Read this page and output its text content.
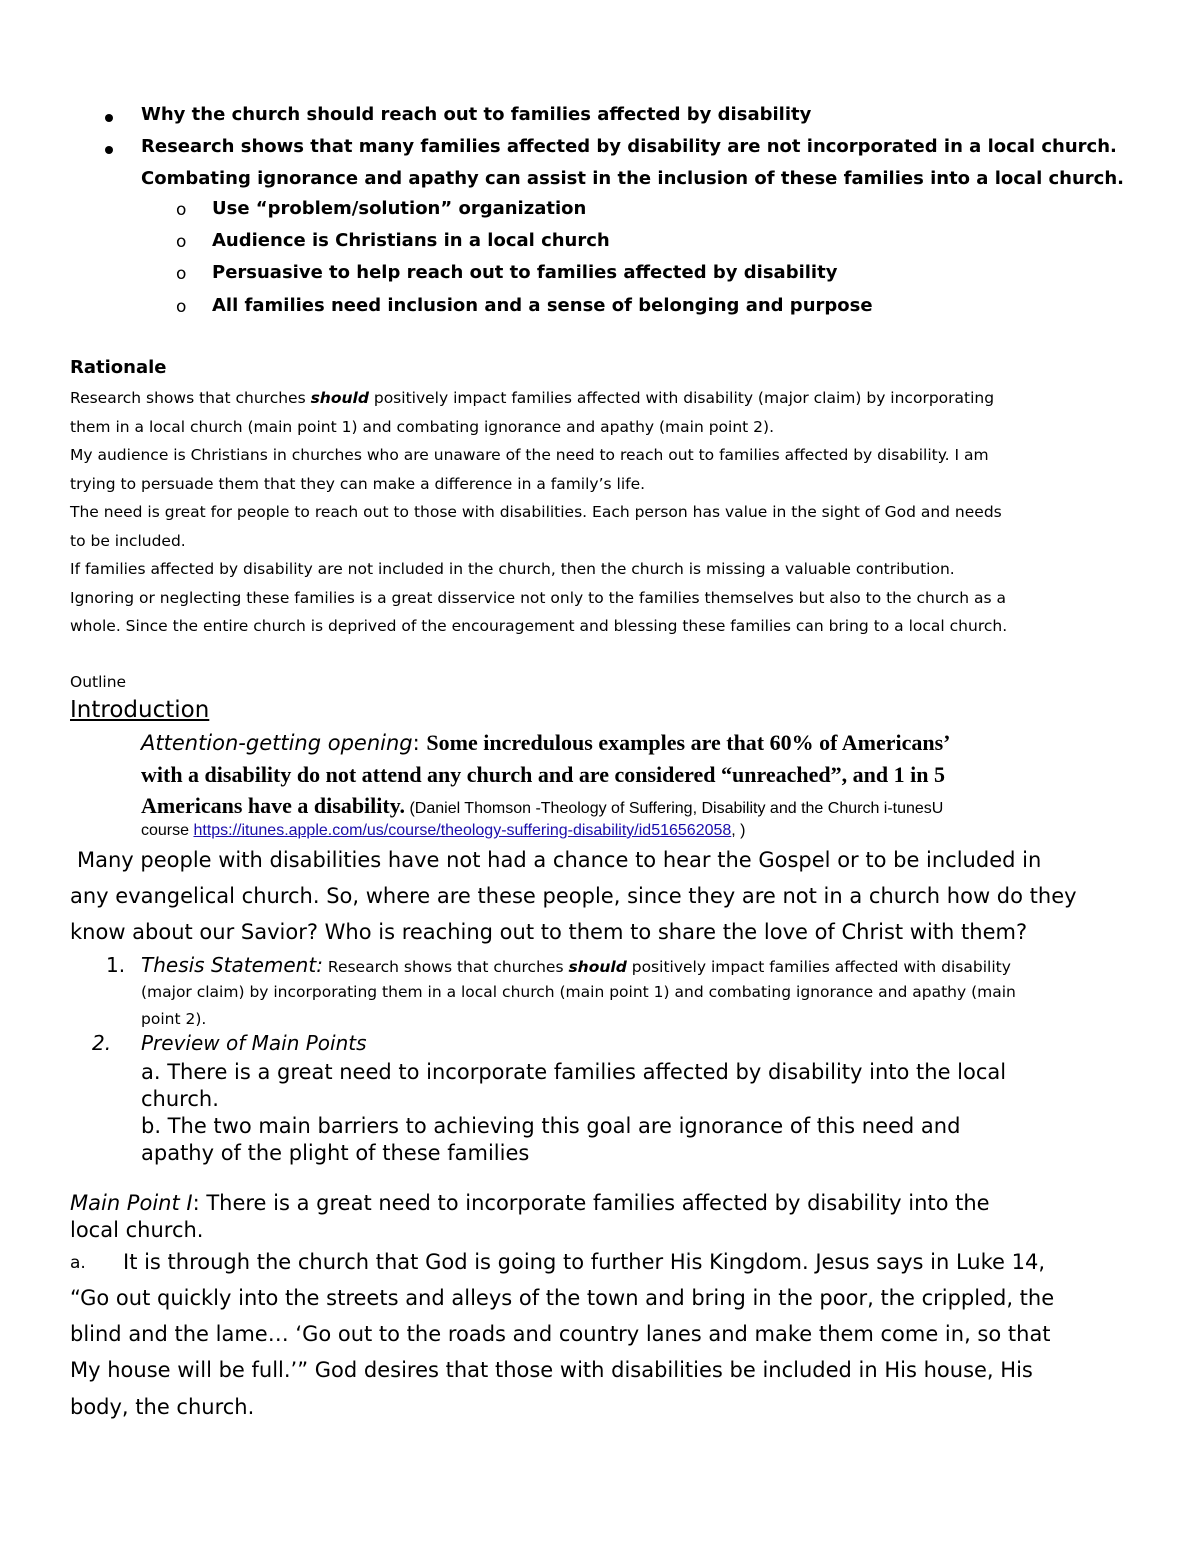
Why the church should reach out to families affected by disability
Research shows that many families affected by disability are not incorporated in a local church.
Combating ignorance and apathy can assist in the inclusion of these families into a local church.
o Use “problem/solution” organization
o Audience is Christians in a local church
o Persuasive to help reach out to families affected by disability
o All families need inclusion and a sense of belonging and purpose
Rationale
Research shows that churches should positively impact families affected with disability (major claim) by incorporating
them in a local church (main point 1) and combating ignorance and apathy (main point 2).
My audience is Christians in churches who are unaware of the need to reach out to families affected by disability. I am
trying to persuade them that they can make a difference in a family’s life.
The need is great for people to reach out to those with disabilities. Each person has value in the sight of God and needs
to be included.
If families affected by disability are not included in the church, then the church is missing a valuable contribution.
Ignoring or neglecting these families is a great disservice not only to the families themselves but also to the church as a
whole. Since the entire church is deprived of the encouragement and blessing these families can bring to a local church.
Outline
Introduction
Attention-getting opening: Some incredulous examples are that 60% of Americans’
with a disability do not attend any church and are considered “unreached”, and 1 in 5
Americans have a disability. (Daniel Thomson -Theology of Suffering, Disability and the Church i-tunesU
course https://itunes.apple.com/us/course/theology-suffering-disability/id516562058, )
Many people with disabilities have not had a chance to hear the Gospel or to be included in
any evangelical church. So, where are these people, since they are not in a church how do they
know about our Savior? Who is reaching out to them to share the love of Christ with them?
1. Thesis Statement: Research shows that churches should positively impact families affected with disability
(major claim) by incorporating them in a local church (main point 1) and combating ignorance and apathy (main
point 2).
2. Preview of Main Points
a. There is a great need to incorporate families affected by disability into the local
church.
b. The two main barriers to achieving this goal are ignorance of this need and
apathy of the plight of these families
Main Point I: There is a great need to incorporate families affected by disability into the
local church.
a. It is through the church that God is going to further His Kingdom. Jesus says in Luke 14,
“Go out quickly into the streets and alleys of the town and bring in the poor, the crippled, the
blind and the lame… ‘Go out to the roads and country lanes and make them come in, so that
My house will be full.’” God desires that those with disabilities be included in His house, His
body, the church.
